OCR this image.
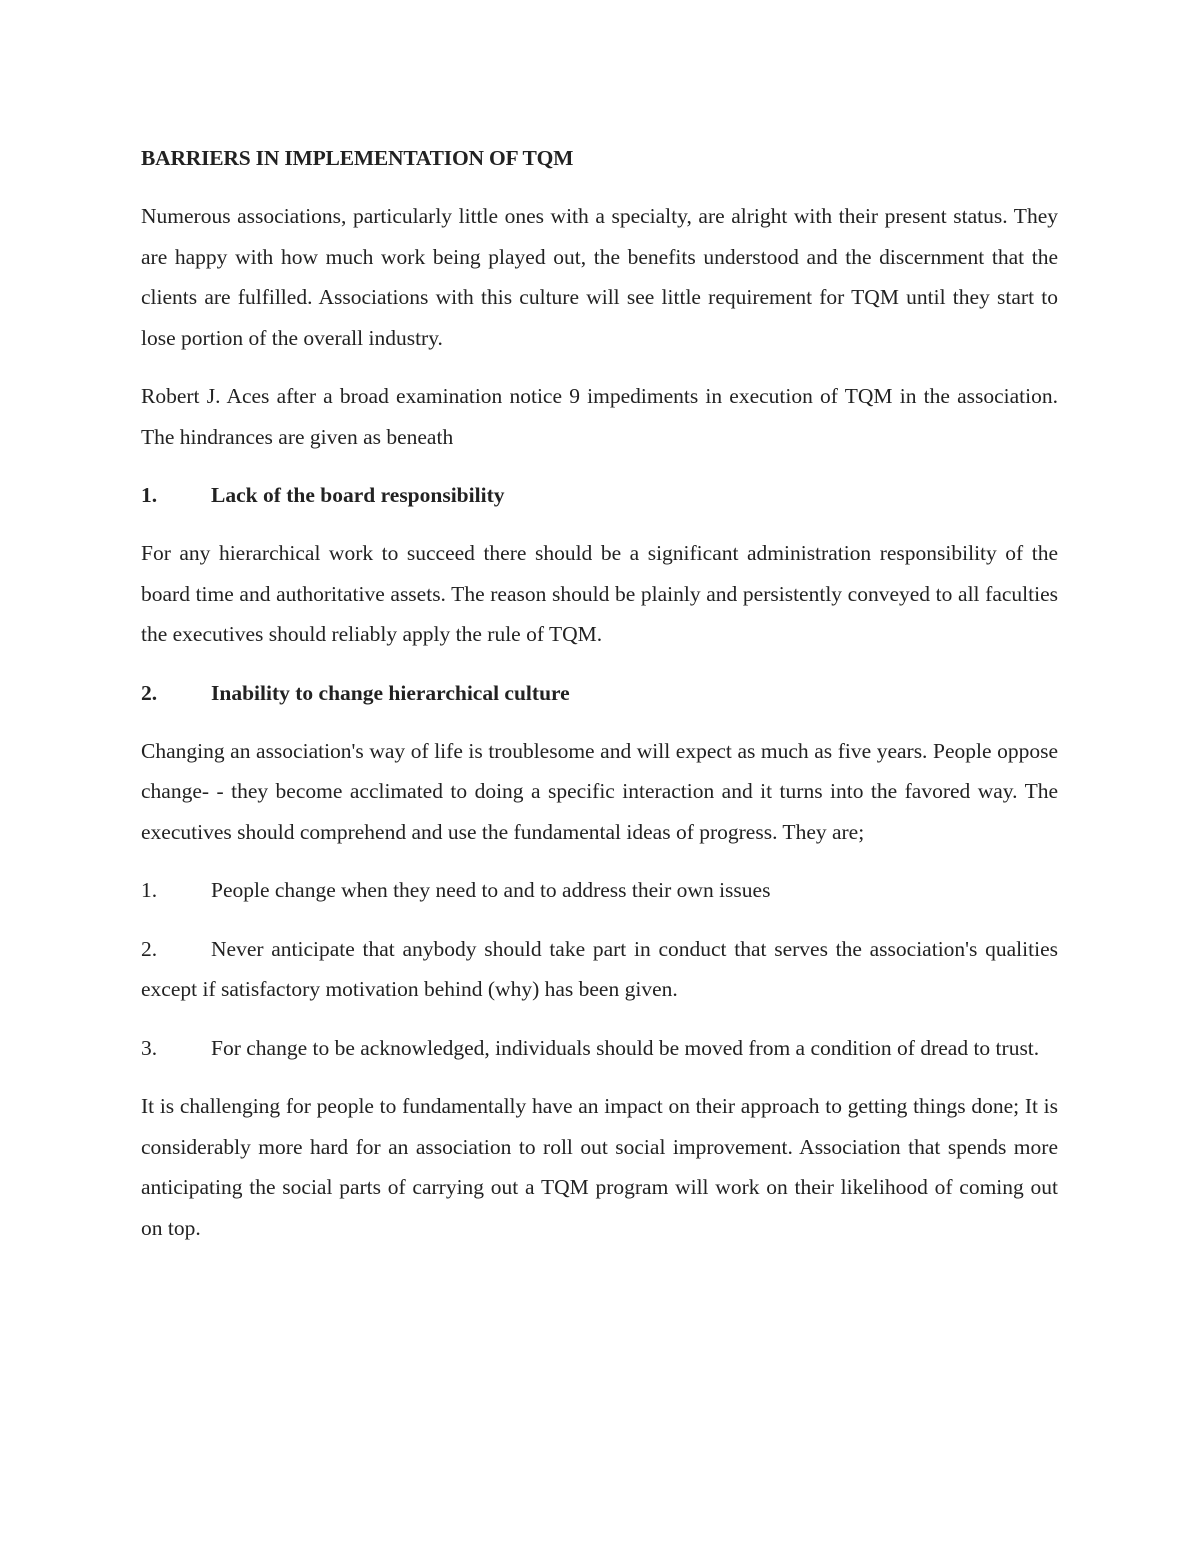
BARRIERS IN IMPLEMENTATION OF TQM

Numerous associations, particularly little ones with a specialty, are alright with their present status. They are happy with how much work being played out, the benefits understood and the discernment that the clients are fulfilled. Associations with this culture will see little requirement for TQM until they start to lose portion of the overall industry.

Robert J. Aces after a broad examination notice 9 impediments in execution of TQM in the association. The hindrances are given as beneath

1.	Lack of the board responsibility

For any hierarchical work to succeed there should be a significant administration responsibility of the board time and authoritative assets. The reason should be plainly and persistently conveyed to all faculties the executives should reliably apply the rule of TQM.

2.	Inability to change hierarchical culture

Changing an association's way of life is troublesome and will expect as much as five years. People oppose change- - they become acclimated to doing a specific interaction and it turns into the favored way. The executives should comprehend and use the fundamental ideas of progress. They are;

1.	People change when they need to and to address their own issues

2.	Never anticipate that anybody should take part in conduct that serves the association's qualities except if satisfactory motivation behind (why) has been given.

3.	For change to be acknowledged, individuals should be moved from a condition of dread to trust.

It is challenging for people to fundamentally have an impact on their approach to getting things done; It is considerably more hard for an association to roll out social improvement. Association that spends more anticipating the social parts of carrying out a TQM program will work on their likelihood of coming out on top.
